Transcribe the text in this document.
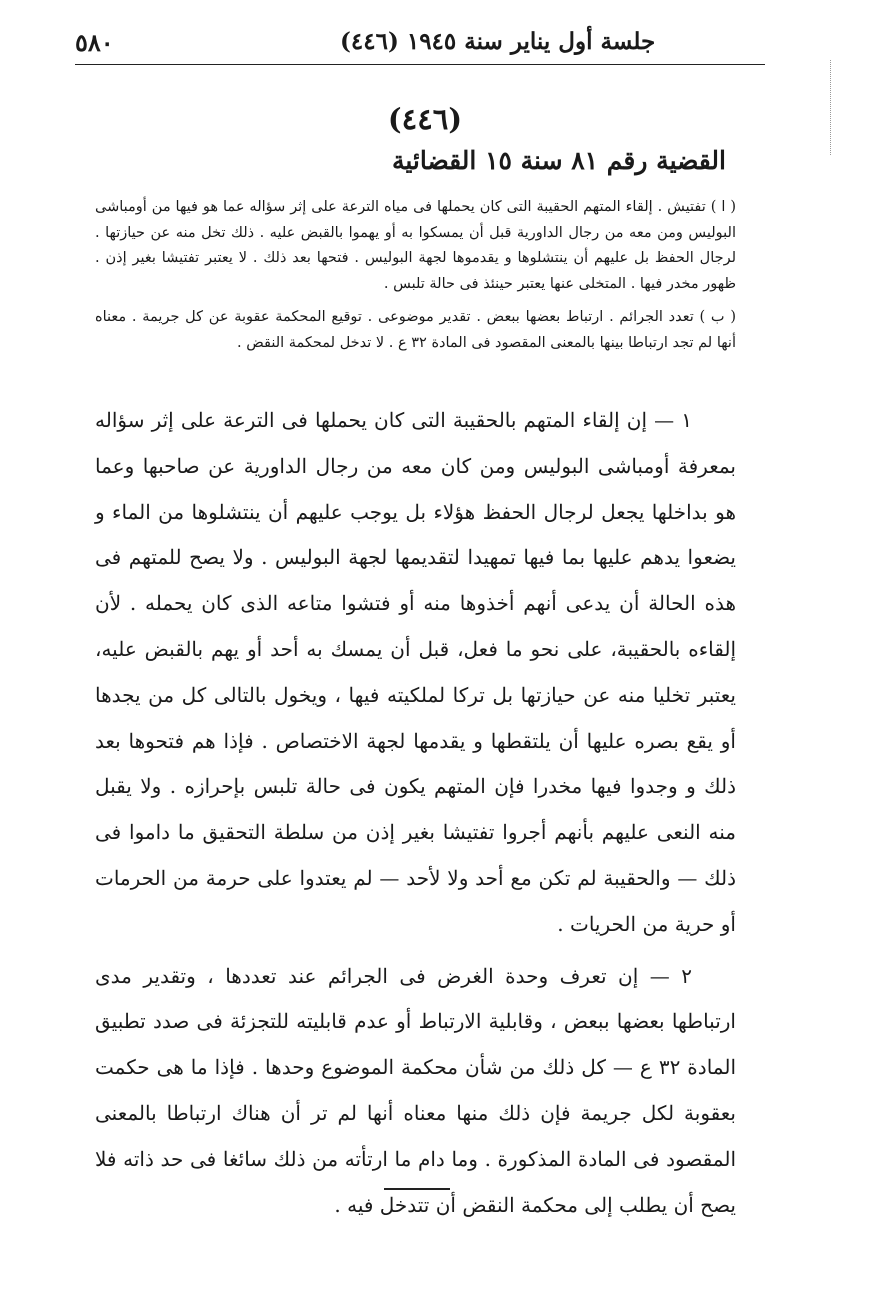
٥٨٠	جلسة أول يناير سنة ١٩٤٥ (٤٤٦)
(٤٤٦)
القضية رقم ٨١ سنة ١٥ القضائية

( ا ) تفتيش . إلقاء المتهم الحقيبة التى كان يحملها فى مياه الترعة على إثر سؤاله عما هو فيها من أومباشى البوليس ومن معه من رجال الداورية قبل أن يمسكوا به أو يهموا بالقبض عليه . ذلك تخل منه عن حيازتها . لرجال الحفظ بل عليهم أن ينتشلوها و يقدموها لجهة البوليس . فتحها بعد ذلك . لا يعتبر تفتيشا بغير إذن . ظهور مخدر فيها . المتخلى عنها يعتبر حينئذ فى حالة تلبس .

( ب ) تعدد الجرائم . ارتباط بعضها ببعض . تقدير موضوعى . توقيع المحكمة عقوبة عن كل جريمة . معناه أنها لم تجد ارتباطا بينها بالمعنى المقصود فى المادة ٣٢ ع . لا تدخل لمحكمة النقض .

١ — إن إلقاء المتهم بالحقيبة التى كان يحملها فى الترعة على إثر سؤاله بمعرفة أومباشى البوليس ومن كان معه من رجال الداورية عن صاحبها وعما هو بداخلها يجعل لرجال الحفظ هؤلاء بل يوجب عليهم أن ينتشلوها من الماء و يضعوا يدهم عليها بما فيها تمهيدا لتقديمها لجهة البوليس . ولا يصح للمتهم فى هذه الحالة أن يدعى أنهم أخذوها منه أو فتشوا متاعه الذى كان يحمله . لأن إلقاءه بالحقيبة، على نحو ما فعل، قبل أن يمسك به أحد أو يهم بالقبض عليه، يعتبر تخليا منه عن حيازتها بل تركا لملكيته فيها ، ويخول بالتالى كل من يجدها أو يقع بصره عليها أن يلتقطها و يقدمها لجهة الاختصاص . فإذا هم فتحوها بعد ذلك و وجدوا فيها مخدرا فإن المتهم يكون فى حالة تلبس بإحرازه . ولا يقبل منه النعى عليهم بأنهم أجروا تفتيشا بغير إذن من سلطة التحقيق ما داموا فى ذلك — والحقيبة لم تكن مع أحد ولا لأحد — لم يعتدوا على حرمة من الحرمات أو حرية من الحريات .

٢ — إن تعرف وحدة الغرض فى الجرائم عند تعددها ، وتقدير مدى ارتباطها بعضها ببعض ، وقابلية الارتباط أو عدم قابليته للتجزئة فى صدد تطبيق المادة ٣٢ ع — كل ذلك من شأن محكمة الموضوع وحدها . فإذا ما هى حكمت بعقوبة لكل جريمة فإن ذلك منها معناه أنها لم تر أن هناك ارتباطا بالمعنى المقصود فى المادة المذكورة . وما دام ما ارتأته من ذلك سائغا فى حد ذاته فلا يصح أن يطلب إلى محكمة النقض أن تتدخل فيه .
